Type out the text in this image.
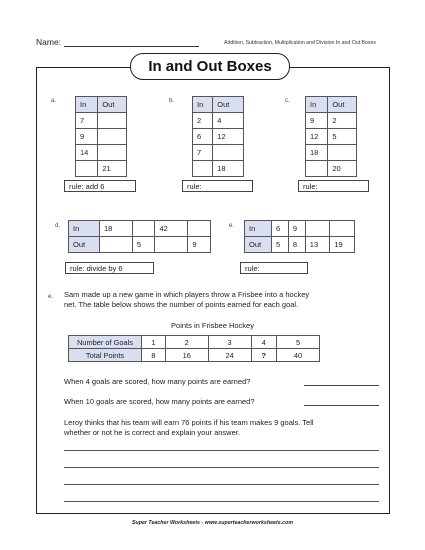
Name:	Addition, Subtraction, Multiplication and Division In and Out Boxes
In and Out Boxes
a.	In	Out
7	
9	
14	
	21
rule: add 6
b.	In	Out
2	4
6	12
7	
	18
rule:
c.	In	Out
9	2
12	5
18	
	20
rule:
d. In	18		42	
Out		5		9
rule: divide by 6
e. In	6	9		
Out	5	8	13	19
rule:
e. Sam made up a new game in which players throw a Frisbee into a hockey
net. The table below shows the number of points earned for each goal.
Points in Frisbee Hockey
Number of Goals	1	2	3	4	5
Total Points	8	16	24	?	40
When 4 goals are scored, how many points are earned?
When 10 goals are scored, how many points are earned?
Leroy thinks that his team will earn 76 points if his team makes 9 goals. Tell
whether or not he is correct and explain your answer.
Super Teacher Worksheets - www.superteacherworksheets.com
